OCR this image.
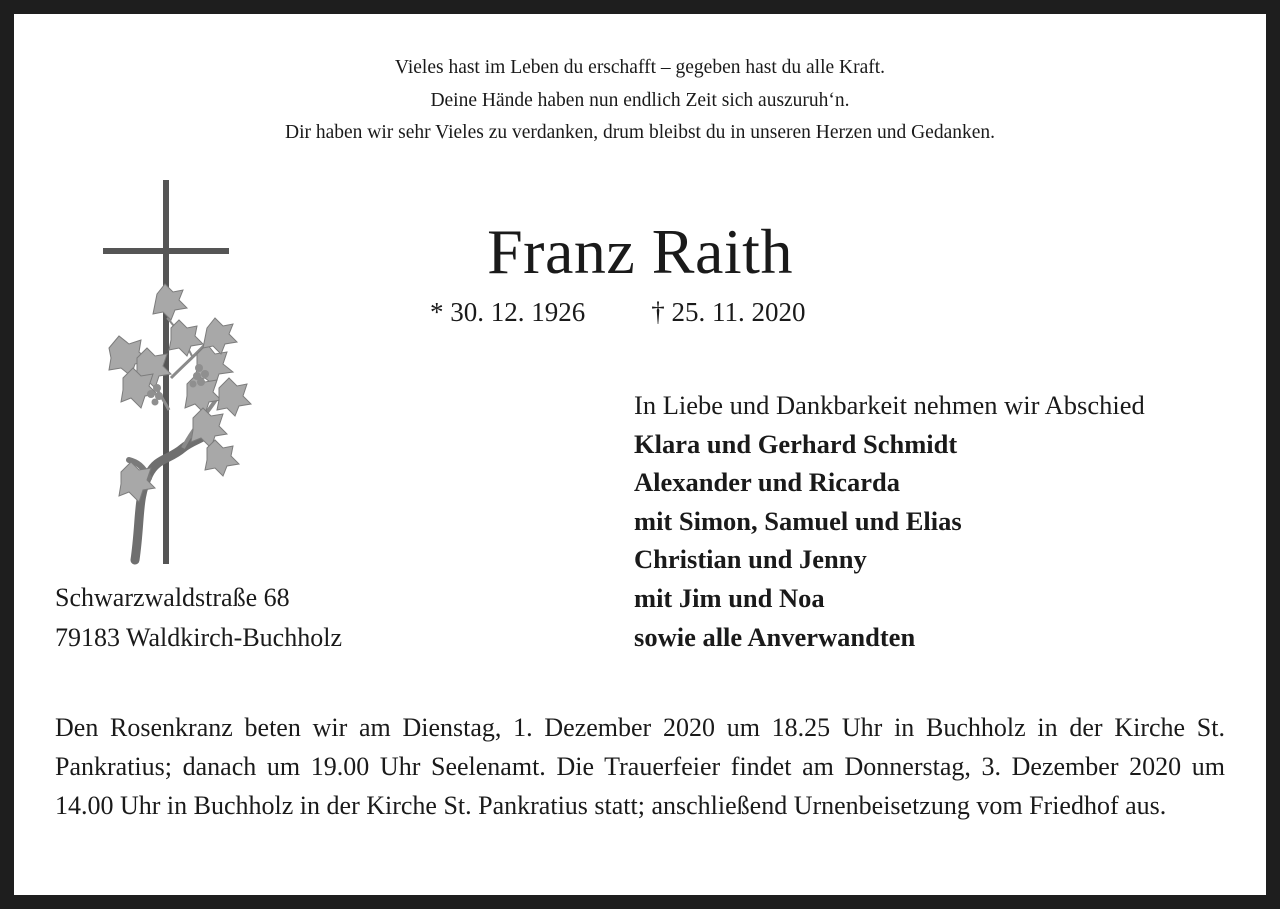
Vieles hast im Leben du erschafft – gegeben hast du alle Kraft.
Deine Hände haben nun endlich Zeit sich auszuruh‘n.
Dir haben wir sehr Vieles zu verdanken, drum bleibst du in unseren Herzen und Gedanken.
Franz Raith
* 30. 12. 1926 † 25. 11. 2020
In Liebe und Dankbarkeit nehmen wir Abschied
Klara und Gerhard Schmidt
Alexander und Ricarda
mit Simon, Samuel und Elias
Christian und Jenny
mit Jim und Noa
sowie alle Anverwandten
Schwarzwaldstraße 68
79183 Waldkirch-Buchholz
Den Rosenkranz beten wir am Dienstag, 1. Dezember 2020 um 18.25 Uhr in Buchholz in der Kirche St. Pankratius; danach um 19.00 Uhr Seelenamt. Die Trauerfeier findet am Donnerstag, 3. Dezember 2020 um 14.00 Uhr in Buchholz in der Kirche St. Pankratius statt; anschließend Urnenbeisetzung vom Friedhof aus.
